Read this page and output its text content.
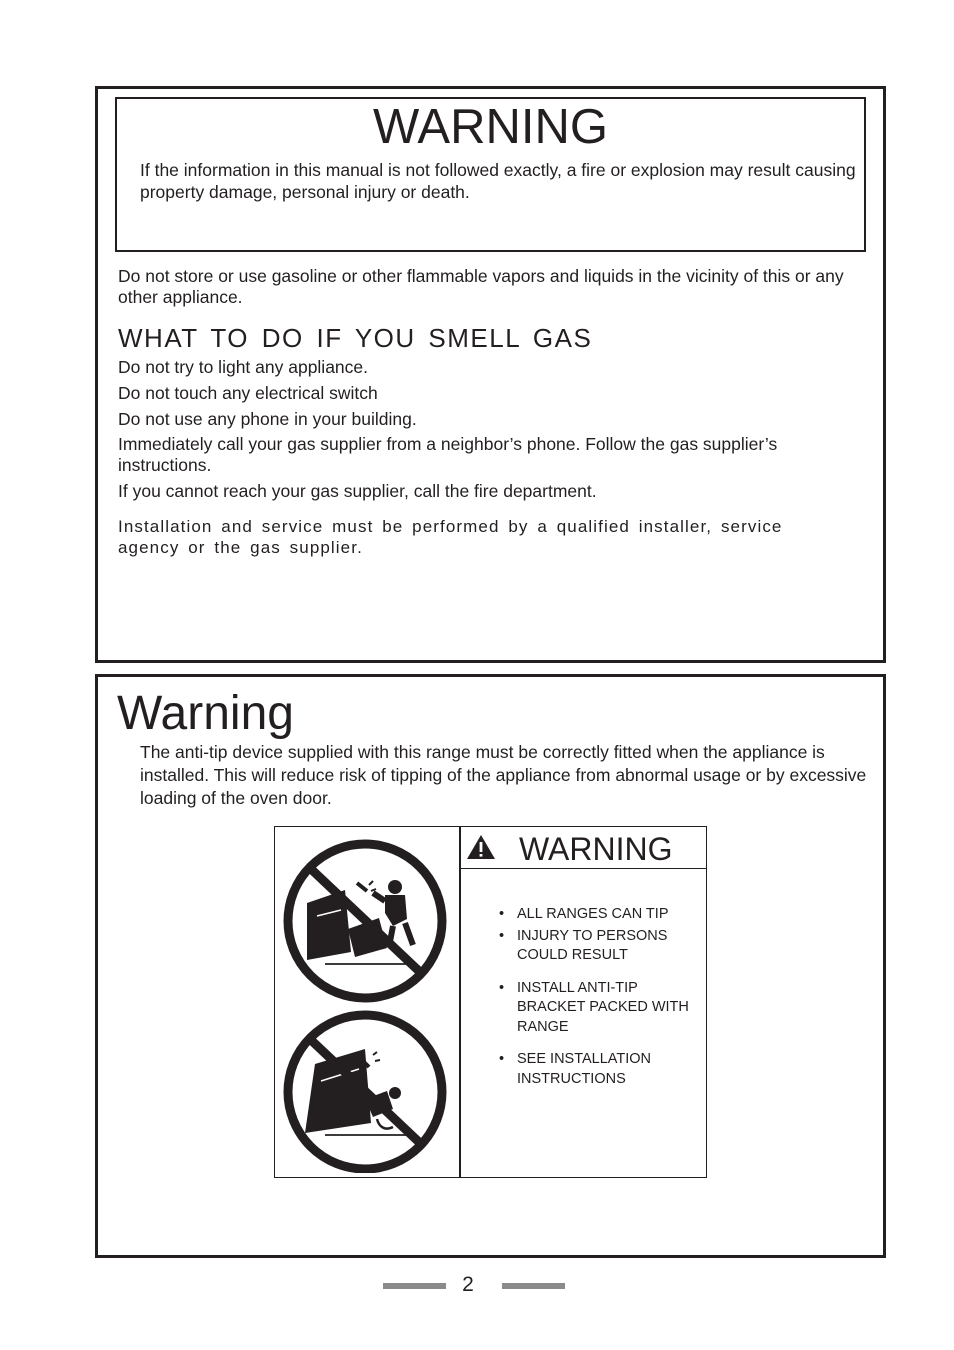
WARNING

If the information in this manual is not followed exactly, a fire or explosion may result causing property damage, personal injury or death.

Do not store or use gasoline or other flammable vapors and liquids in the vicinity of this or any other appliance.

WHAT TO DO IF YOU SMELL GAS

Do not try to light any appliance.

Do not touch any electrical switch

Do not use any phone in your building.

Immediately call your gas supplier from a neighbor’s phone. Follow the gas supplier’s instructions.

If you cannot reach your gas supplier, call the fire department.

Installation and service must be performed by a qualified installer, service agency or the gas supplier.

Warning

The anti-tip device supplied with this range must be correctly fitted when the appliance is installed. This will reduce risk of tipping of the appliance from abnormal usage or by excessive loading of the oven door.

WARNING
• ALL RANGES CAN TIP
• INJURY TO PERSONS COULD RESULT
• INSTALL ANTI-TIP BRACKET PACKED WITH RANGE
• SEE INSTALLATION INSTRUCTIONS
2
